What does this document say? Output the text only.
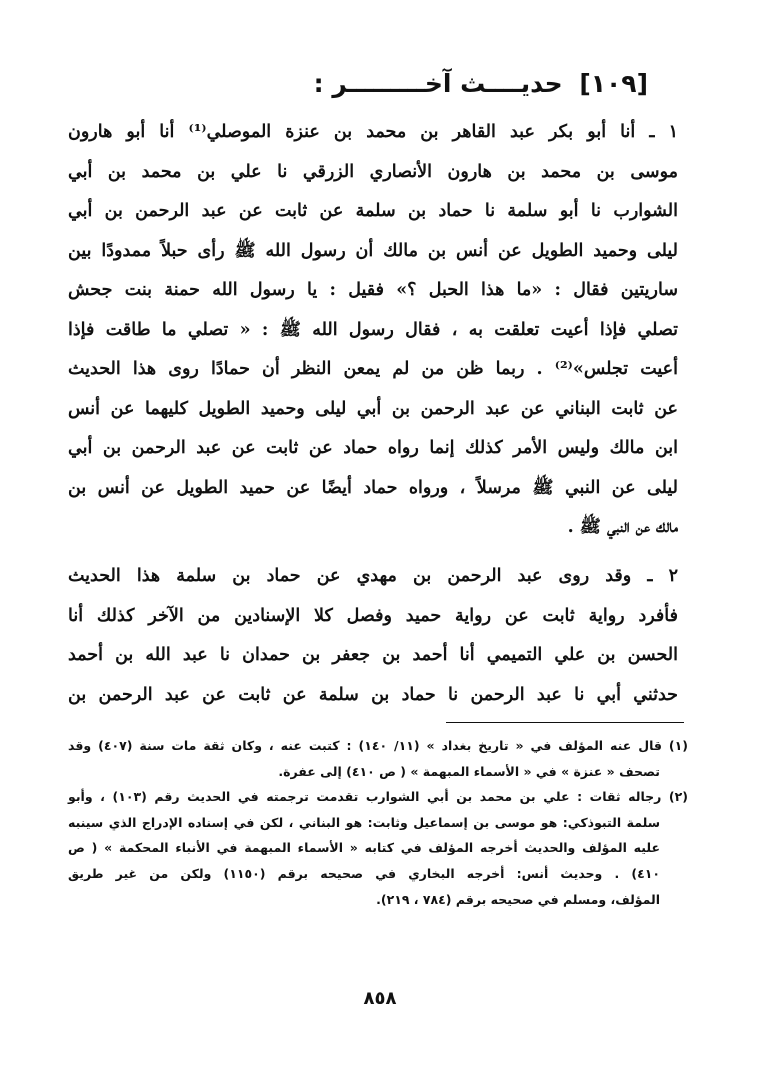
[١٠٩] حديــــث آخـــــــــر :
١ ـ أنا أبو بكر عبد القاهر بن محمد بن عنزة الموصلي⁽¹⁾ أنا أبو هارون
موسى بن محمد بن هارون الأنصاري الزرقي نا علي بن محمد بن أبي
الشوارب نا أبو سلمة نا حماد بن سلمة عن ثابت عن عبد الرحمن بن أبي
ليلى وحميد الطويل عن أنس بن مالك أن رسول الله ﷺ رأى حبلاً ممدودًا بين
ساريتين فقال : «ما هذا الحبل ؟» فقيل : يا رسول الله حمنة بنت جحش
تصلي فإذا أعيت تعلقت به ، فقال رسول الله ﷺ : « تصلي ما طاقت فإذا
أعيت تجلس»⁽²⁾ . ربما ظن من لم يمعن النظر أن حمادًا روى هذا الحديث
عن ثابت البناني عن عبد الرحمن بن أبي ليلى وحميد الطويل كليهما عن أنس
ابن مالك وليس الأمر كذلك إنما رواه حماد عن ثابت عن عبد الرحمن بن أبي
ليلى عن النبي ﷺ مرسلاً ، ورواه حماد أيضًا عن حميد الطويل عن أنس بن
مالك عن النبي ﷺ .
٢ ـ وقد روى عبد الرحمن بن مهدي عن حماد بن سلمة هذا الحديث
فأفرد رواية ثابت عن رواية حميد وفصل كلا الإسنادين من الآخر كذلك أنا
الحسن بن علي التميمي أنا أحمد بن جعفر بن حمدان نا عبد الله بن أحمد
حدثني أبي نا عبد الرحمن نا حماد بن سلمة عن ثابت عن عبد الرحمن بن
(١) قال عنه المؤلف في « تاريخ بغداد » (١١/ ١٤٠) : كتبت عنه ، وكان ثقة مات سنة (٤٠٧) وقد
تصحف « عنزة » في « الأسماء المبهمة » ( ص ٤١٠) إلى عفرة.
(٢) رجاله ثقات : علي بن محمد بن أبي الشوارب تقدمت ترجمته في الحديث رقم (١٠٣) ، وأبو
سلمة التبوذكي: هو موسى بن إسماعيل وثابت: هو البناني ، لكن في إسناده الإدراج الذي سينبه
عليه المؤلف والحديث أخرجه المؤلف في كتابه « الأسماء المبهمة في الأنباء المحكمة » ( ص
٤١٠) . وحديث أنس: أخرجه البخاري في صحيحه برقم (١١٥٠) ولكن من غير طريق
المؤلف، ومسلم في صحيحه برقم (٧٨٤ ، ٢١٩).
٨٥٨
